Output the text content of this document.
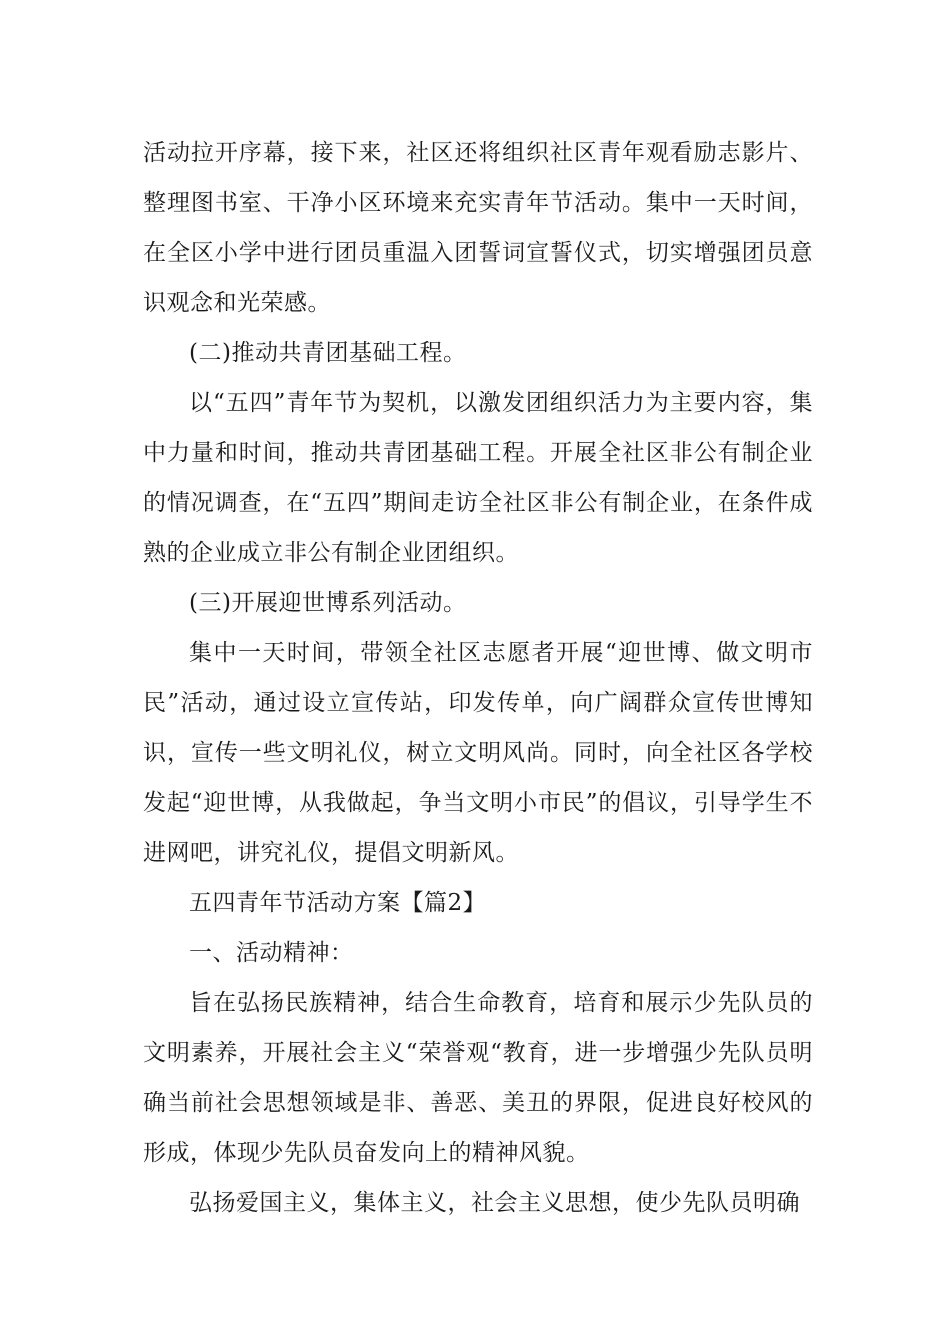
活动拉开序幕，接下来，社区还将组织社区青年观看励志影片、整理图书室、干净小区环境来充实青年节活动。集中一天时间，在全区小学中进行团员重温入团誓词宣誓仪式，切实增强团员意识观念和光荣感。

(二)推动共青团基础工程。

以“五四”青年节为契机，以激发团组织活力为主要内容，集中力量和时间，推动共青团基础工程。开展全社区非公有制企业的情况调查，在“五四”期间走访全社区非公有制企业，在条件成熟的企业成立非公有制企业团组织。

(三)开展迎世博系列活动。

集中一天时间，带领全社区志愿者开展“迎世博、做文明市民”活动，通过设立宣传站，印发传单，向广阔群众宣传世博知识，宣传一些文明礼仪，树立文明风尚。同时，向全社区各学校发起“迎世博，从我做起，争当文明小市民”的倡议，引导学生不进网吧，讲究礼仪，提倡文明新风。

五四青年节活动方案【篇2】

一、活动精神：

旨在弘扬民族精神，结合生命教育，培育和展示少先队员的文明素养，开展社会主义“荣誉观“教育，进一步增强少先队员明确当前社会思想领域是非、善恶、美丑的界限，促进良好校风的形成，体现少先队员奋发向上的精神风貌。

弘扬爱国主义，集体主义，社会主义思想，使少先队员明确
